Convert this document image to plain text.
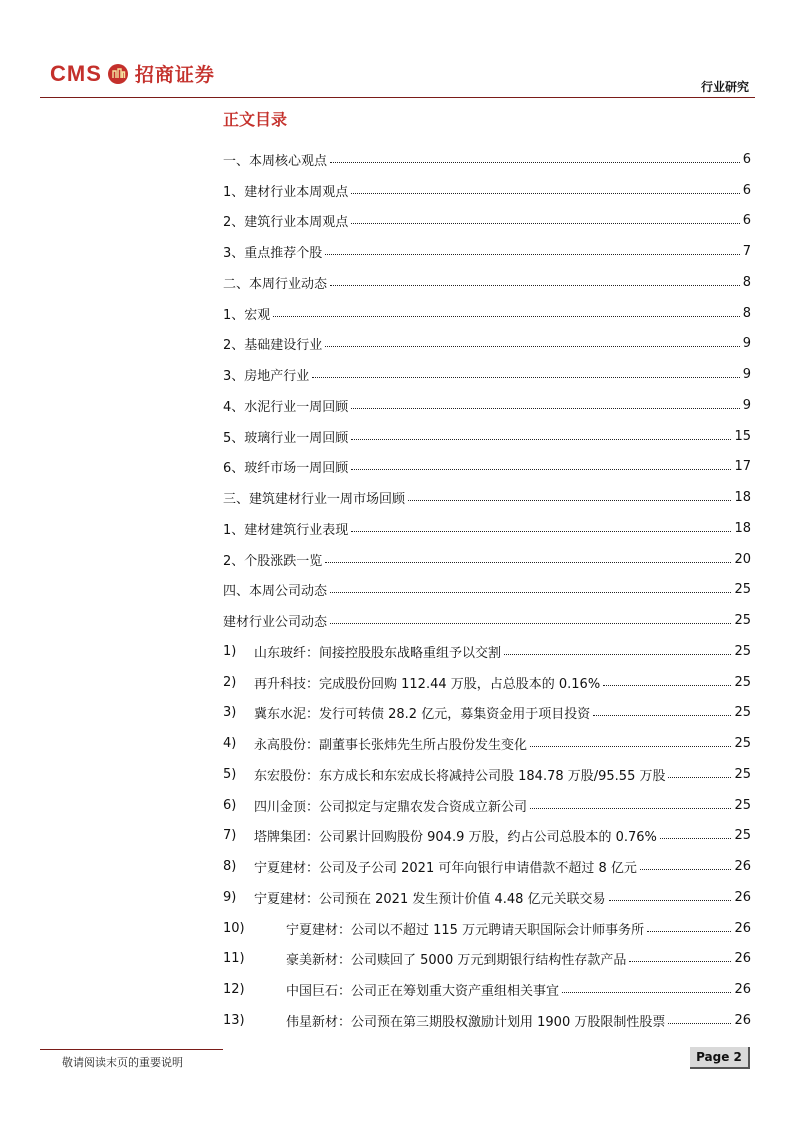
CMS 招商证券
行业研究
正文目录
一、本周核心观点	6
1、建材行业本周观点	6
2、建筑行业本周观点	6
3、重点推荐个股	7
二、本周行业动态	8
1、宏观	8
2、基础建设行业	9
3、房地产行业	9
4、水泥行业一周回顾	9
5、玻璃行业一周回顾	15
6、玻纤市场一周回顾	17
三、建筑建材行业一周市场回顾	18
1、建材建筑行业表现	18
2、个股涨跌一览	20
四、本周公司动态	25
建材行业公司动态	25
1)	山东玻纤：间接控股股东战略重组予以交割	25
2)	再升科技：完成股份回购 112.44 万股，占总股本的 0.16%	25
3)	冀东水泥：发行可转债 28.2 亿元，募集资金用于项目投资	25
4)	永高股份：副董事长张炜先生所占股份发生变化	25
5)	东宏股份：东方成长和东宏成长将减持公司股 184.78 万股/95.55 万股	25
6)	四川金顶：公司拟定与定鼎农发合资成立新公司	25
7)	塔牌集团：公司累计回购股份 904.9 万股，约占公司总股本的 0.76%	25
8)	宁夏建材：公司及子公司 2021 可年向银行申请借款不超过 8 亿元	26
9)	宁夏建材：公司预在 2021 发生预计价值 4.48 亿元关联交易	26
10)	宁夏建材：公司以不超过 115 万元聘请天职国际会计师事务所	26
11)	豪美新材：公司赎回了 5000 万元到期银行结构性存款产品	26
12)	中国巨石：公司正在筹划重大资产重组相关事宜	26
13)	伟星新材：公司预在第三期股权激励计划用 1900 万股限制性股票	26
敬请阅读末页的重要说明	Page 2
